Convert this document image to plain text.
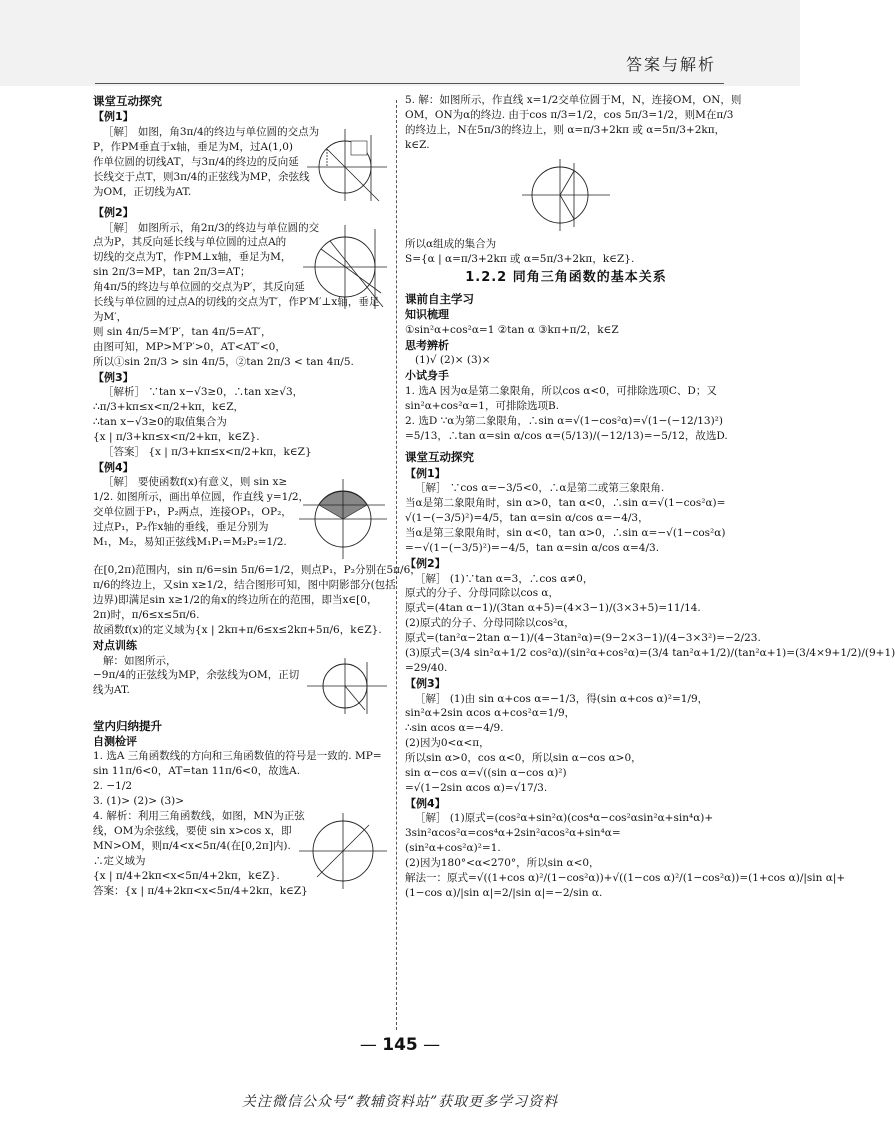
答案与解析
课堂互动探究
【例1】
［解］ 如图，角3π/4的终边与单位圆的交点为
P，作PM垂直于x轴，垂足为M，过A(1,0)
作单位圆的切线AT，与3π/4的终边的反向延
长线交于点T，则3π/4的正弦线为MP，余弦线
为OM，正切线为AT.
【例2】
［解］ 如图所示，角2π/3的终边与单位圆的交
点为P，其反向延长线与单位圆的过点A的
切线的交点为T，作PM⊥x轴，垂足为M，
sin 2π/3=MP，tan 2π/3=AT；
角4π/5的终边与单位圆的交点为P′，其反向延
长线与单位圆的过点A的切线的交点为T′，作P′M′⊥x轴，垂足
为M′，
则 sin 4π/5=M′P′，tan 4π/5=AT′，
由图可知，MP>M′P′>0，AT<AT′<0，
所以①sin 2π/3 > sin 4π/5，②tan 2π/3 < tan 4π/5.
【例3】
［解析］ ∵tan x−√3≥0，∴tan x≥√3，
∴π/3+kπ≤x<π/2+kπ，k∈Z，
∴tan x−√3≥0的取值集合为
{x | π/3+kπ≤x<π/2+kπ，k∈Z}.
［答案］ {x | π/3+kπ≤x<π/2+kπ，k∈Z}
【例4】
［解］ 要使函数f(x)有意义，则 sin x≥
1/2. 如图所示，画出单位圆，作直线 y=1/2，
交单位圆于P₁，P₂两点，连接OP₁，OP₂，
过点P₁，P₂作x轴的垂线，垂足分别为
M₁，M₂，易知正弦线M₁P₁=M₂P₂=1/2.
在[0,2π)范围内，sin π/6=sin 5π/6=1/2，则点P₁，P₂分别在5π/6，
π/6的终边上，又sin x≥1/2，结合图形可知，图中阴影部分(包括
边界)即满足sin x≥1/2的角x的终边所在的范围，即当x∈[0，
2π)时，π/6≤x≤5π/6.
故函数f(x)的定义域为{x | 2kπ+π/6≤x≤2kπ+5π/6，k∈Z}.
对点训练
解：如图所示，
−9π/4的正弦线为MP，余弦线为OM，正切
线为AT.
堂内归纳提升
自测检评
1. 选A 三角函数线的方向和三角函数值的符号是一致的. MP=
sin 11π/6<0，AT=tan 11π/6<0，故选A.
2. −1/2
3. (1)> (2)> (3)>
4. 解析：利用三角函数线，如图，MN为正弦
线，OM为余弦线，要使 sin x>cos x，即
MN>OM，则π/4<x<5π/4(在[0,2π]内).
∴定义域为
{x | π/4+2kπ<x<5π/4+2kπ，k∈Z}.
答案：{x | π/4+2kπ<x<5π/4+2kπ，k∈Z}
5. 解：如图所示，作直线 x=1/2交单位圆于M，N，连接OM，ON，则
OM，ON为α的终边. 由于cos π/3=1/2，cos 5π/3=1/2，则M在π/3
的终边上，N在5π/3的终边上，则 α=π/3+2kπ 或 α=5π/3+2kπ，
k∈Z.
所以α组成的集合为
S={α | α=π/3+2kπ 或 α=5π/3+2kπ，k∈Z}.
1.2.2 同角三角函数的基本关系
课前自主学习
知识梳理
①sin²α+cos²α=1 ②tan α ③kπ+π/2，k∈Z
思考辨析
(1)√ (2)× (3)×
小试身手
1. 选A 因为α是第二象限角，所以cos α<0，可排除选项C、D；又
sin²α+cos²α=1，可排除选项B.
2. 选D ∵α为第二象限角，∴sin α=√(1−cos²α)=√(1−(−12/13)²)
=5/13，∴tan α=sin α/cos α=(5/13)/(−12/13)=−5/12，故选D.
课堂互动探究
【例1】
［解］ ∵cos α=−3/5<0，∴α是第二或第三象限角.
当α是第二象限角时，sin α>0，tan α<0，∴sin α=√(1−cos²α)=
√(1−(−3/5)²)=4/5，tan α=sin α/cos α=−4/3，
当α是第三象限角时，sin α<0，tan α>0，∴sin α=−√(1−cos²α)
=−√(1−(−3/5)²)=−4/5，tan α=sin α/cos α=4/3.
【例2】
［解］ (1)∵tan α=3，∴cos α≠0，
原式的分子、分母同除以cos α，
原式=(4tan α−1)/(3tan α+5)=(4×3−1)/(3×3+5)=11/14.
(2)原式的分子、分母同除以cos²α，
原式=(tan²α−2tan α−1)/(4−3tan²α)=(9−2×3−1)/(4−3×3²)=−2/23.
(3)原式=(3/4 sin²α+1/2 cos²α)/(sin²α+cos²α)=(3/4 tan²α+1/2)/(tan²α+1)=(3/4×9+1/2)/(9+1)
=29/40.
【例3】
［解］ (1)由 sin α+cos α=−1/3，得(sin α+cos α)²=1/9，
sin²α+2sin αcos α+cos²α=1/9，
∴sin αcos α=−4/9.
(2)因为0<α<π，
所以sin α>0，cos α<0，所以sin α−cos α>0，
sin α−cos α=√((sin α−cos α)²)
=√(1−2sin αcos α)=√17/3.
【例4】
［解］ (1)原式=(cos²α+sin²α)(cos⁴α−cos²αsin²α+sin⁴α)+
3sin²αcos²α=cos⁴α+2sin²αcos²α+sin⁴α=
(sin²α+cos²α)²=1.
(2)因为180°<α<270°，所以sin α<0，
解法一：原式=√((1+cos α)²/(1−cos²α))+√((1−cos α)²/(1−cos²α))=(1+cos α)/|sin α|+
(1−cos α)/|sin α|=2/|sin α|=−2/sin α.
— 145 —
关注微信公众号“教辅资料站”获取更多学习资料
